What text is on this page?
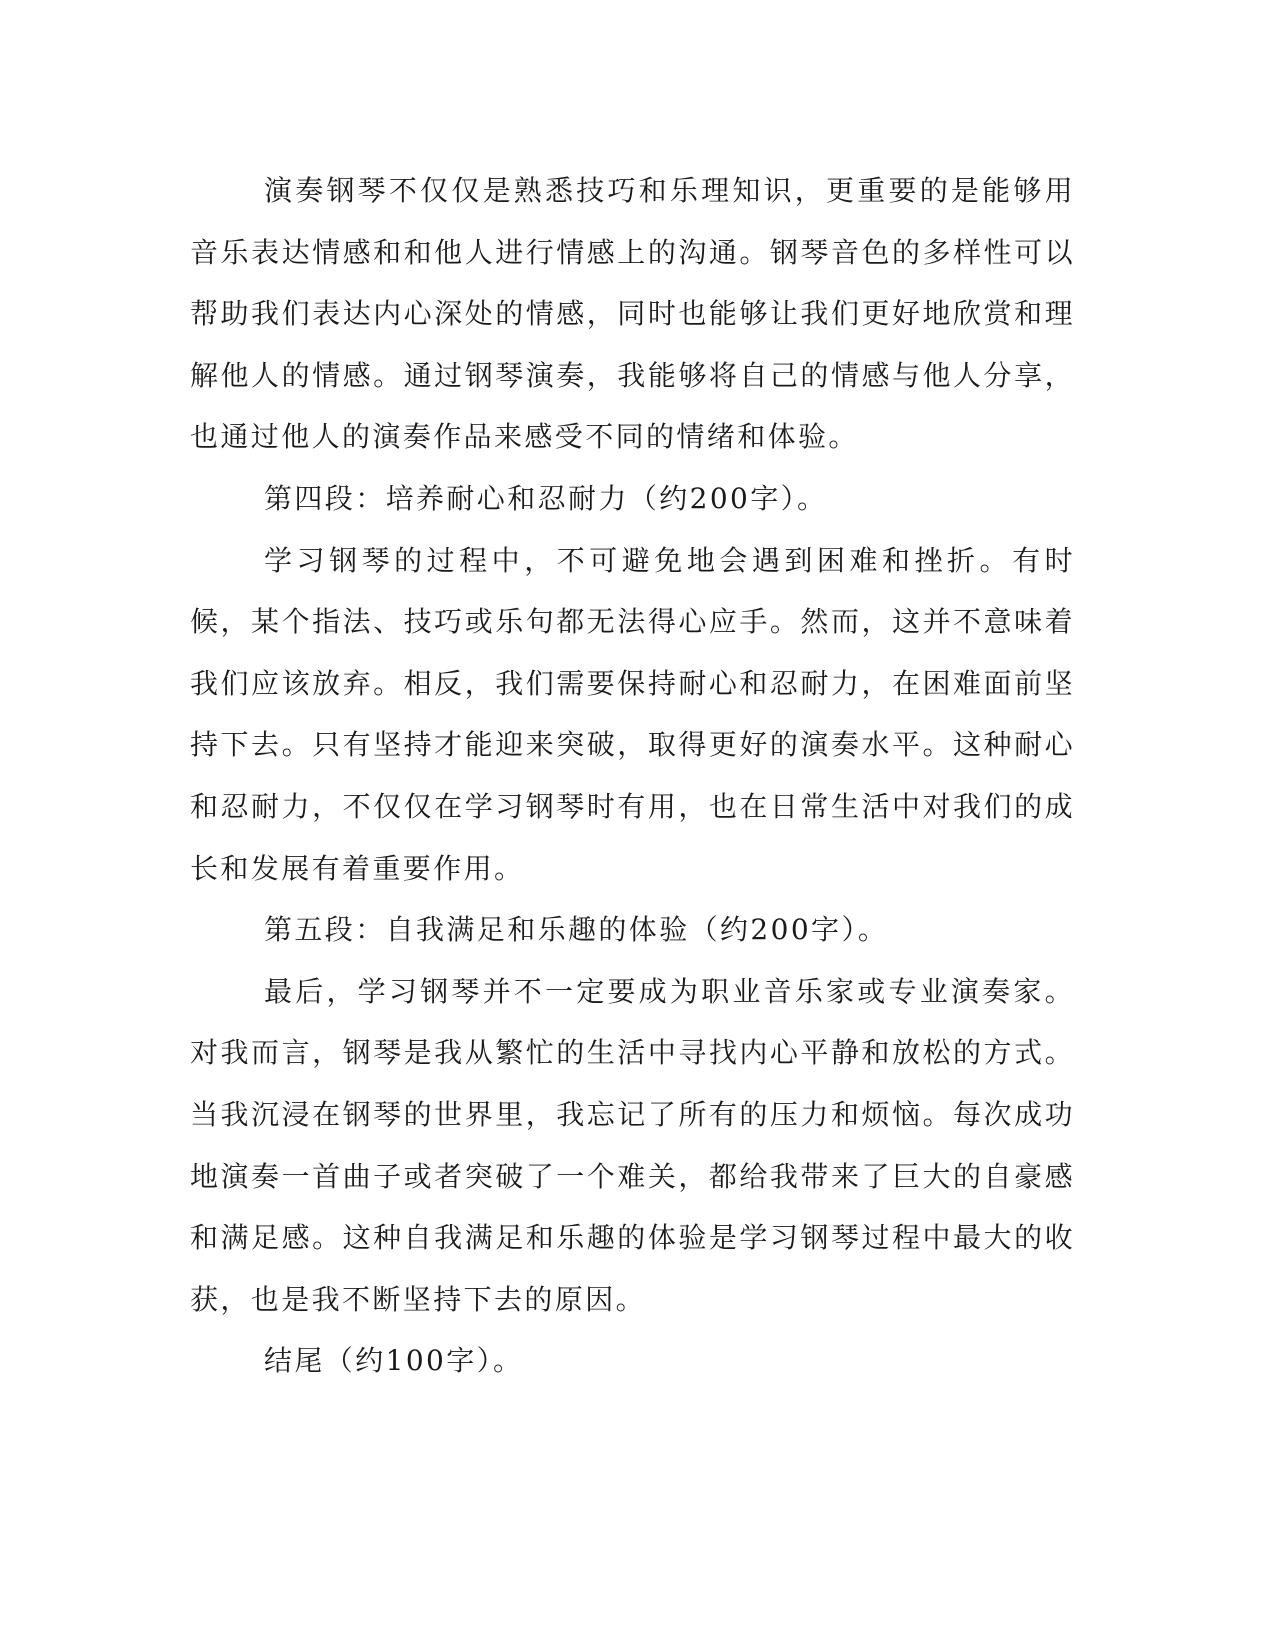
演奏钢琴不仅仅是熟悉技巧和乐理知识，更重要的是能够用音乐表达情感和和他人进行情感上的沟通。钢琴音色的多样性可以帮助我们表达内心深处的情感，同时也能够让我们更好地欣赏和理解他人的情感。通过钢琴演奏，我能够将自己的情感与他人分享，也通过他人的演奏作品来感受不同的情绪和体验。

第四段：培养耐心和忍耐力（约200字）。

学习钢琴的过程中，不可避免地会遇到困难和挫折。有时候，某个指法、技巧或乐句都无法得心应手。然而，这并不意味着我们应该放弃。相反，我们需要保持耐心和忍耐力，在困难面前坚持下去。只有坚持才能迎来突破，取得更好的演奏水平。这种耐心和忍耐力，不仅仅在学习钢琴时有用，也在日常生活中对我们的成长和发展有着重要作用。

第五段：自我满足和乐趣的体验（约200字）。

最后，学习钢琴并不一定要成为职业音乐家或专业演奏家。对我而言，钢琴是我从繁忙的生活中寻找内心平静和放松的方式。当我沉浸在钢琴的世界里，我忘记了所有的压力和烦恼。每次成功地演奏一首曲子或者突破了一个难关，都给我带来了巨大的自豪感和满足感。这种自我满足和乐趣的体验是学习钢琴过程中最大的收获，也是我不断坚持下去的原因。

结尾（约100字）。
